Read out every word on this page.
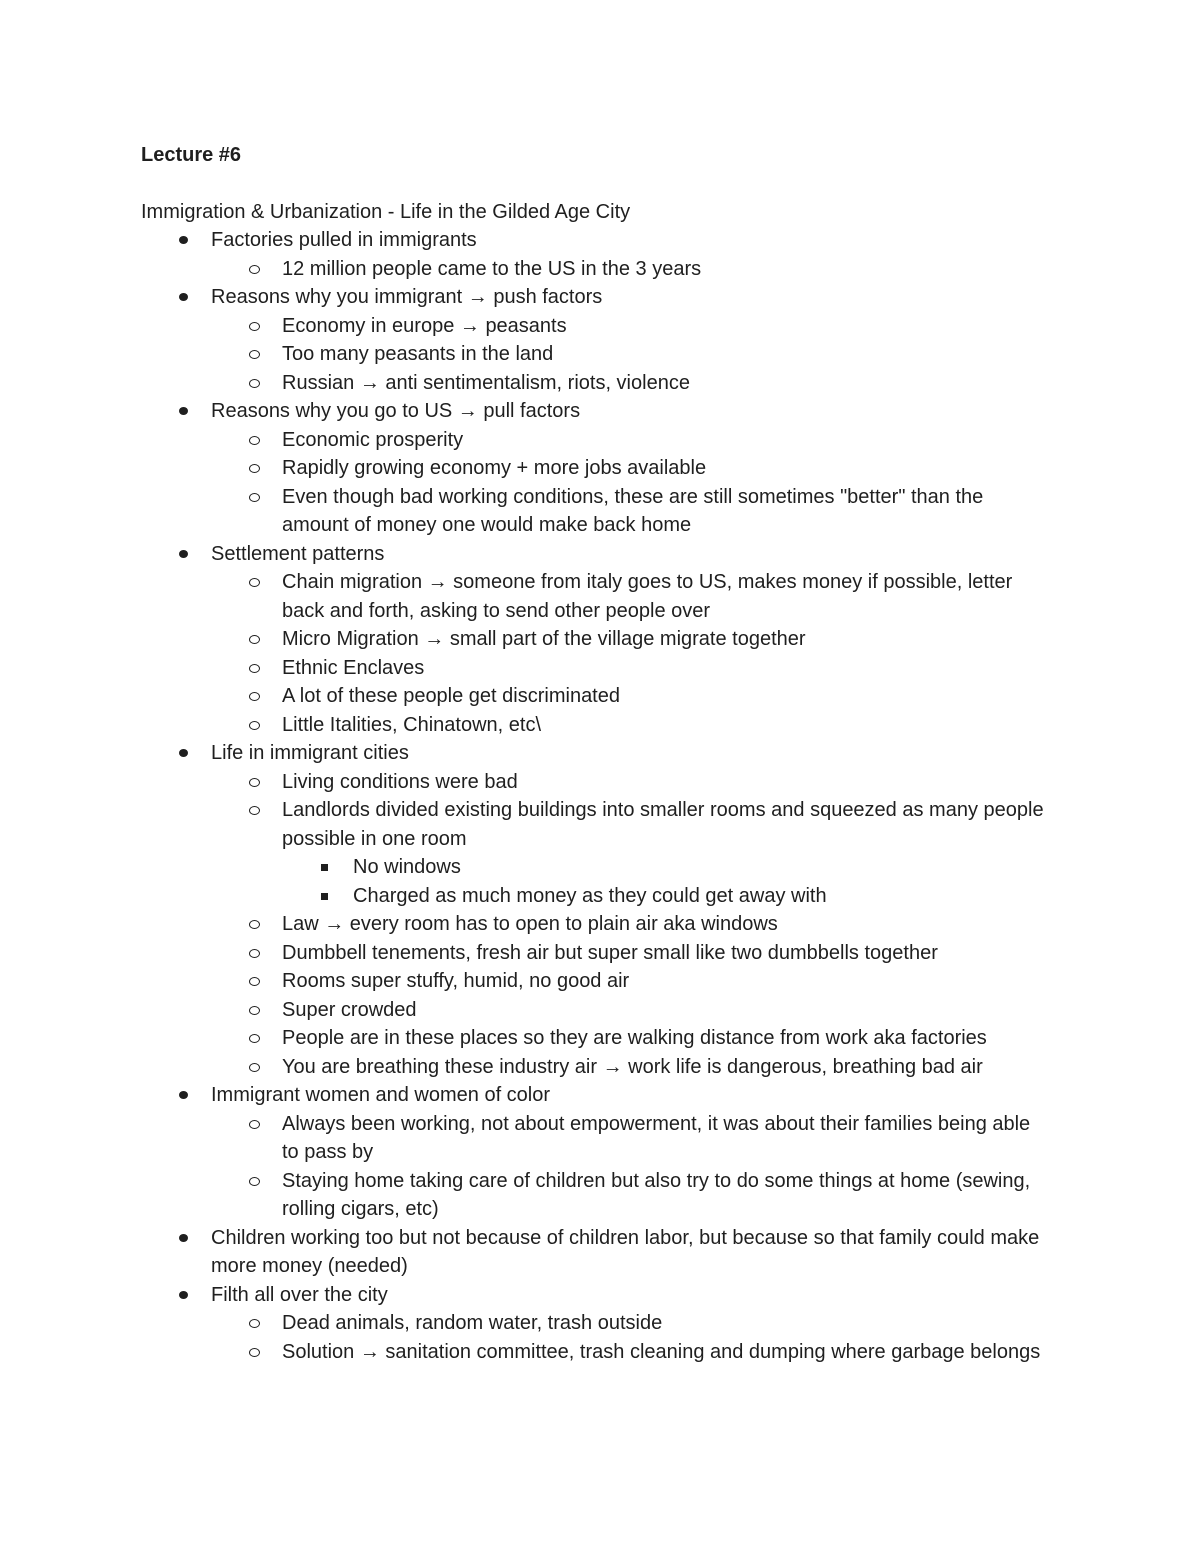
Lecture #6

Immigration & Urbanization - Life in the Gilded Age City

Factories pulled in immigrants
12 million people came to the US in the 3 years
Reasons why you immigrant → push factors
Economy in europe → peasants
Too many peasants in the land
Russian → anti sentimentalism, riots, violence
Reasons why you go to US → pull factors
Economic prosperity
Rapidly growing economy + more jobs available
Even though bad working conditions, these are still sometimes "better" than the amount of money one would make back home
Settlement patterns
Chain migration → someone from italy goes to US, makes money if possible, letter back and forth, asking to send other people over
Micro Migration → small part of the village migrate together
Ethnic Enclaves
A lot of these people get discriminated
Little Italities, Chinatown, etc\
Life in immigrant cities
Living conditions were bad
Landlords divided existing buildings into smaller rooms and squeezed as many people possible in one room
No windows
Charged as much money as they could get away with
Law → every room has to open to plain air aka windows
Dumbbell tenements, fresh air but super small like two dumbbells together
Rooms super stuffy, humid, no good air
Super crowded
People are in these places so they are walking distance from work aka factories
You are breathing these industry air → work life is dangerous, breathing bad air
Immigrant women and women of color
Always been working, not about empowerment, it was about their families being able to pass by
Staying home taking care of children but also try to do some things at home (sewing, rolling cigars, etc)
Children working too but not because of children labor, but because so that family could make more money (needed)
Filth all over the city
Dead animals, random water, trash outside
Solution → sanitation committee, trash cleaning and dumping where garbage belongs
